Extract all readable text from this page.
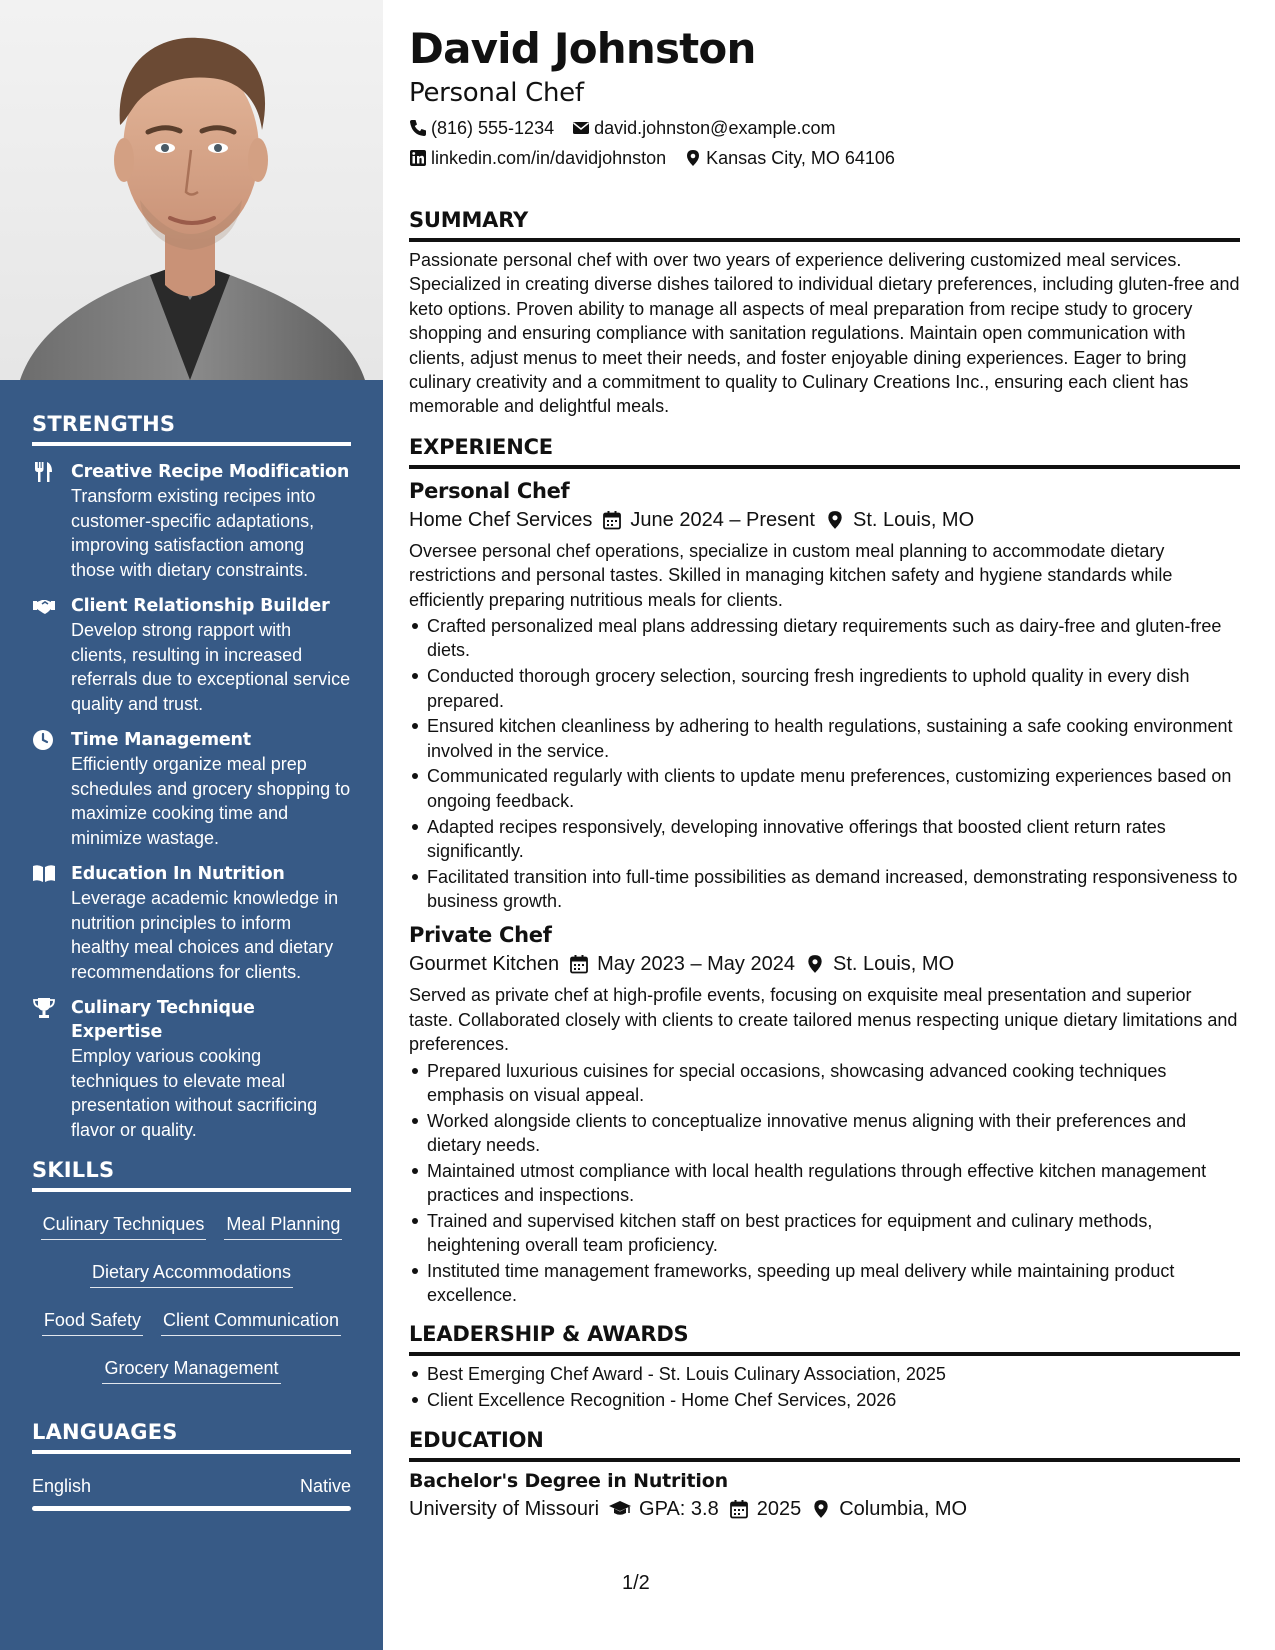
STRENGTHS
Creative Recipe Modification
Transform existing recipes into customer-specific adaptations, improving satisfaction among those with dietary constraints.
Client Relationship Builder
Develop strong rapport with clients, resulting in increased referrals due to exceptional service quality and trust.
Time Management
Efficiently organize meal prep schedules and grocery shopping to maximize cooking time and minimize wastage.
Education In Nutrition
Leverage academic knowledge in nutrition principles to inform healthy meal choices and dietary recommendations for clients.
Culinary Technique Expertise
Employ various cooking techniques to elevate meal presentation without sacrificing flavor or quality.
SKILLS
Culinary Techniques Meal Planning
Dietary Accommodations
Food Safety Client Communication
Grocery Management
LANGUAGES
English	Native
David Johnston
Personal Chef
(816) 555-1234 david.johnston@example.com
linkedin.com/in/davidjohnston Kansas City, MO 64106
SUMMARY
Passionate personal chef with over two years of experience delivering customized meal services. Specialized in creating diverse dishes tailored to individual dietary preferences, including gluten-free and keto options. Proven ability to manage all aspects of meal preparation from recipe study to grocery shopping and ensuring compliance with sanitation regulations. Maintain open communication with clients, adjust menus to meet their needs, and foster enjoyable dining experiences. Eager to bring culinary creativity and a commitment to quality to Culinary Creations Inc., ensuring each client has memorable and delightful meals.
EXPERIENCE
Personal Chef
Home Chef Services June 2024 – Present St. Louis, MO
Oversee personal chef operations, specialize in custom meal planning to accommodate dietary restrictions and personal tastes. Skilled in managing kitchen safety and hygiene standards while efficiently preparing nutritious meals for clients.
Crafted personalized meal plans addressing dietary requirements such as dairy-free and gluten-free diets.
Conducted thorough grocery selection, sourcing fresh ingredients to uphold quality in every dish prepared.
Ensured kitchen cleanliness by adhering to health regulations, sustaining a safe cooking environment involved in the service.
Communicated regularly with clients to update menu preferences, customizing experiences based on ongoing feedback.
Adapted recipes responsively, developing innovative offerings that boosted client return rates significantly.
Facilitated transition into full-time possibilities as demand increased, demonstrating responsiveness to business growth.
Private Chef
Gourmet Kitchen May 2023 – May 2024 St. Louis, MO
Served as private chef at high-profile events, focusing on exquisite meal presentation and superior taste. Collaborated closely with clients to create tailored menus respecting unique dietary limitations and preferences.
Prepared luxurious cuisines for special occasions, showcasing advanced cooking techniques emphasis on visual appeal.
Worked alongside clients to conceptualize innovative menus aligning with their preferences and dietary needs.
Maintained utmost compliance with local health regulations through effective kitchen management practices and inspections.
Trained and supervised kitchen staff on best practices for equipment and culinary methods, heightening overall team proficiency.
Instituted time management frameworks, speeding up meal delivery while maintaining product excellence.
LEADERSHIP & AWARDS
Best Emerging Chef Award - St. Louis Culinary Association, 2025
Client Excellence Recognition - Home Chef Services, 2026
EDUCATION
Bachelor's Degree in Nutrition
University of Missouri GPA: 3.8 2025 Columbia, MO
1/2
